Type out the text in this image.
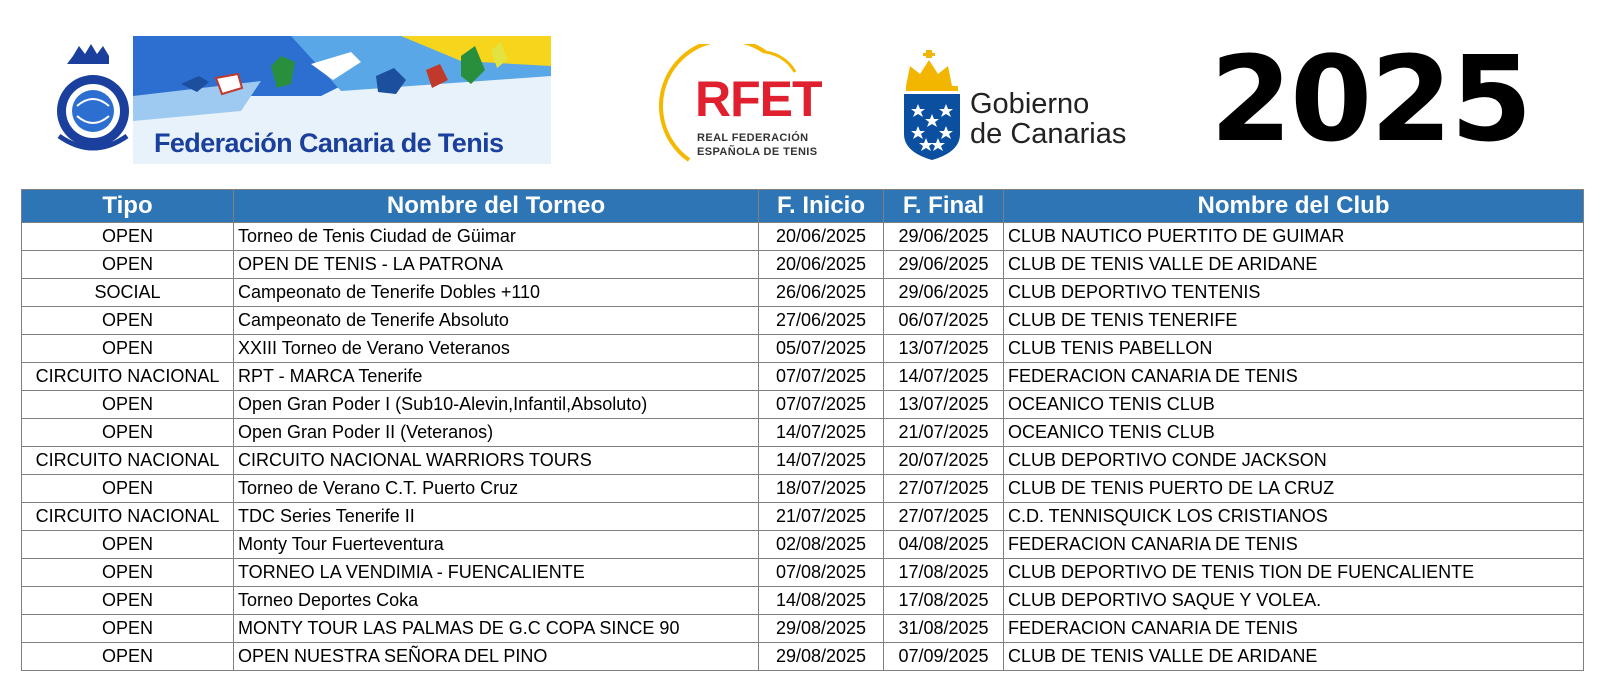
Federación Canaria de Tenis
RFET
REAL FEDERACIÓN
ESPAÑOLA DE TENIS
Gobierno
de Canarias 2025
Tipo	Nombre del Torneo	F. Inicio	F. Final	Nombre del Club
OPEN	Torneo de Tenis Ciudad de Güimar	20/06/2025	29/06/2025	CLUB NAUTICO PUERTITO DE GUIMAR
OPEN	OPEN DE TENIS - LA PATRONA	20/06/2025	29/06/2025	CLUB DE TENIS VALLE DE ARIDANE
SOCIAL	Campeonato de Tenerife Dobles +110	26/06/2025	29/06/2025	CLUB DEPORTIVO TENTENIS
OPEN	Campeonato de Tenerife Absoluto	27/06/2025	06/07/2025	CLUB DE TENIS TENERIFE
OPEN	XXIII Torneo de Verano Veteranos	05/07/2025	13/07/2025	CLUB TENIS PABELLON
CIRCUITO NACIONAL	RPT - MARCA Tenerife	07/07/2025	14/07/2025	FEDERACION CANARIA DE TENIS
OPEN	Open Gran Poder I (Sub10-Alevin,Infantil,Absoluto)	07/07/2025	13/07/2025	OCEANICO TENIS CLUB
OPEN	Open Gran Poder II (Veteranos)	14/07/2025	21/07/2025	OCEANICO TENIS CLUB
CIRCUITO NACIONAL	CIRCUITO NACIONAL WARRIORS TOURS	14/07/2025	20/07/2025	CLUB DEPORTIVO CONDE JACKSON
OPEN	Torneo de Verano C.T. Puerto Cruz	18/07/2025	27/07/2025	CLUB DE TENIS PUERTO DE LA CRUZ
CIRCUITO NACIONAL	TDC Series Tenerife II	21/07/2025	27/07/2025	C.D. TENNISQUICK LOS CRISTIANOS
OPEN	Monty Tour Fuerteventura	02/08/2025	04/08/2025	FEDERACION CANARIA DE TENIS
OPEN	TORNEO LA VENDIMIA - FUENCALIENTE	07/08/2025	17/08/2025	CLUB DEPORTIVO DE TENIS TION DE FUENCALIENTE
OPEN	Torneo Deportes Coka	14/08/2025	17/08/2025	CLUB DEPORTIVO SAQUE Y VOLEA.
OPEN	MONTY TOUR LAS PALMAS DE G.C COPA SINCE 90	29/08/2025	31/08/2025	FEDERACION CANARIA DE TENIS
OPEN	OPEN NUESTRA SEÑORA DEL PINO	29/08/2025	07/09/2025	CLUB DE TENIS VALLE DE ARIDANE
